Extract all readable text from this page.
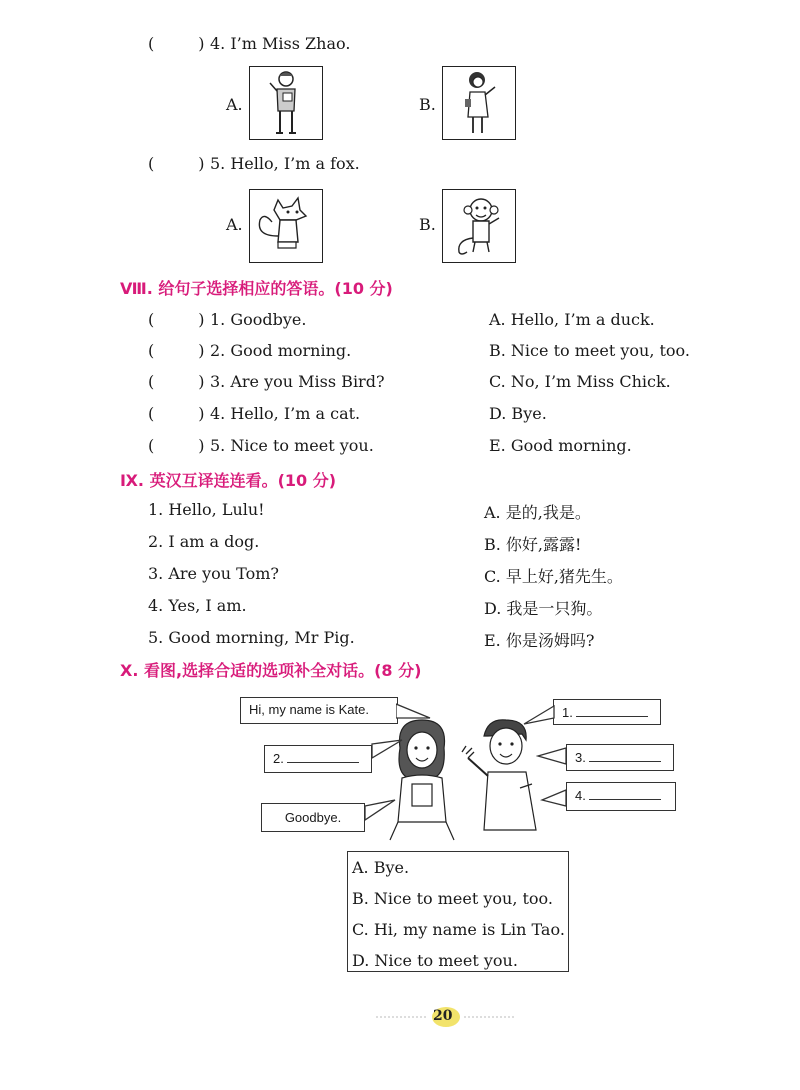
(	) 4. I’m Miss Zhao.
A.	B.
(	) 5. Hello, I’m a fox.
A.	B.
Ⅷ. 给句子选择相应的答语。(10 分)
(	) 1. Goodbye.	A. Hello, I’m a duck.
(	) 2. Good morning.	B. Nice to meet you, too.
(	) 3. Are you Miss Bird?	C. No, I’m Miss Chick.
(	) 4. Hello, I’m a cat.	D. Bye.
(	) 5. Nice to meet you.	E. Good morning.
Ⅸ. 英汉互译连连看。(10 分)
1. Hello, Lulu!	A. 是的,我是。
2. I am a dog.	B. 你好,露露!
3. Are you Tom?	C. 早上好,猪先生。
4. Yes, I am.	D. 我是一只狗。
5. Good morning, Mr Pig.	E. 你是汤姆吗?
Ⅹ. 看图,选择合适的选项补全对话。(8 分)
Hi, my name is Kate.	1.
2.	3.
4.
Goodbye.
A. Bye.
B. Nice to meet you, too.
C. Hi, my name is Lin Tao.
D. Nice to meet you.
20
